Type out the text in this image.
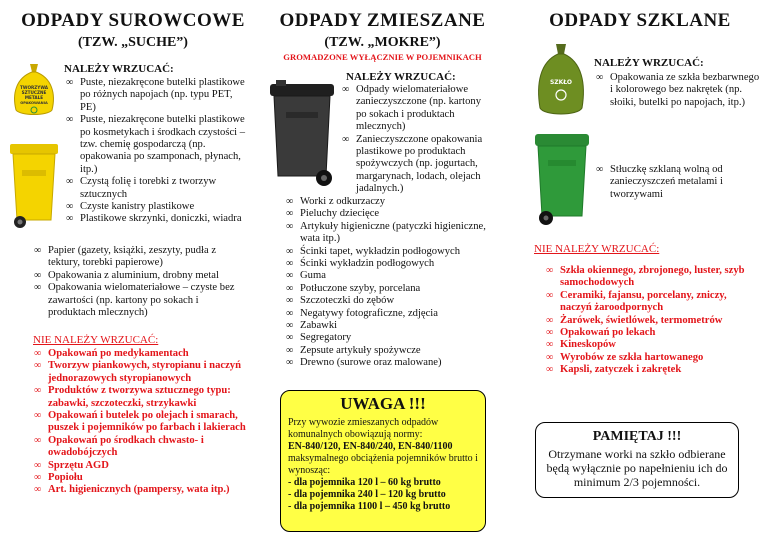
ODPADY SUROWCOWE
(TZW. „SUCHE”)
TWORZYWA
SZTUCZNE
METALE
OPAKOWANIA
NALEŻY WRZUCAĆ:
∞ Puste, niezakręcone butelki plastikowe po różnych napojach (np. typu PET, PE)
∞ Puste, niezakręcone butelki plastikowe po kosmetykach i środkach czystości – tzw. chemię gospodarczą (np. opakowania po szamponach, płynach, itp.)
∞ Czystą folię i torebki z tworzyw sztucznych
∞ Czyste kanistry plastikowe
∞ Plastikowe skrzynki, doniczki, wiadra
∞ Papier (gazety, książki, zeszyty, pudła z tektury, torebki papierowe)
∞ Opakowania z aluminium, drobny metal
∞ Opakowania wielomateriałowe – czyste bez zawartości (np. kartony po sokach i produktach mlecznych)
NIE NALEŻY WRZUCAĆ:
∞ Opakowań po medykamentach
∞ Tworzyw piankowych, styropianu i naczyń jednorazowych styropianowych
∞ Produktów z tworzywa sztucznego typu: zabawki, szczoteczki, strzykawki
∞ Opakowań i butelek po olejach i smarach, puszek i pojemników po farbach i lakierach
∞ Opakowań po środkach chwasto- i owadobójczych
∞ Sprzętu AGD
∞ Popiołu
∞ Art. higienicznych (pampersy, wata itp.)
ODPADY ZMIESZANE
(TZW. „MOKRE”)
GROMADZONE WYŁĄCZNIE W POJEMNIKACH
NALEŻY WRZUCAĆ:
∞ Odpady wielomateriałowe zanieczyszczone (np. kartony po sokach i produktach mlecznych)
∞ Zanieczyszczone opakowania plastikowe po produktach spożywczych (np. jogurtach, margarynach, lodach, olejach jadalnych.)
∞ Worki z odkurzaczy
∞ Pieluchy dziecięce
∞ Artykuły higieniczne (patyczki higieniczne, wata itp.)
∞ Ścinki tapet, wykładzin podłogowych
∞ Ścinki wykładzin podłogowych
∞ Guma
∞ Potłuczone szyby, porcelana
∞ Szczoteczki do zębów
∞ Negatywy fotograficzne, zdjęcia
∞ Zabawki
∞ Segregatory
∞ Zepsute artykuły spożywcze
∞ Drewno (surowe oraz malowane)
UWAGA !!!
Przy wywozie zmieszanych odpadów komunalnych obowiązują normy:
EN-840/120, EN-840/240, EN-840/1100
maksymalnego obciążenia pojemników brutto i wynosząc:
- dla pojemnika 120 l – 60 kg brutto
- dla pojemnika 240 l – 120 kg brutto
- dla pojemnika 1100 l – 450 kg brutto
ODPADY SZKLANE
SZKŁO
NALEŻY WRZUCAĆ:
∞ Opakowania ze szkła bezbarwnego i kolorowego bez nakrętek (np. słoiki, butelki po napojach, itp.)
∞ Stłuczkę szklaną wolną od zanieczyszczeń metalami i tworzywami
NIE NALEŻY WRZUCAĆ:
∞ Szkła okiennego, zbrojonego, luster, szyb samochodowych
∞ Ceramiki, fajansu, porcelany, zniczy, naczyń żaroodpornych
∞ Żarówek, świetlówek, termometrów
∞ Opakowań po lekach
∞ Kineskopów
∞ Wyrobów ze szkła hartowanego
∞ Kapsli, zatyczek i zakrętek
PAMIĘTAJ !!!
Otrzymane worki na szkło odbierane będą wyłącznie po napełnieniu ich do minimum 2/3 pojemności.
